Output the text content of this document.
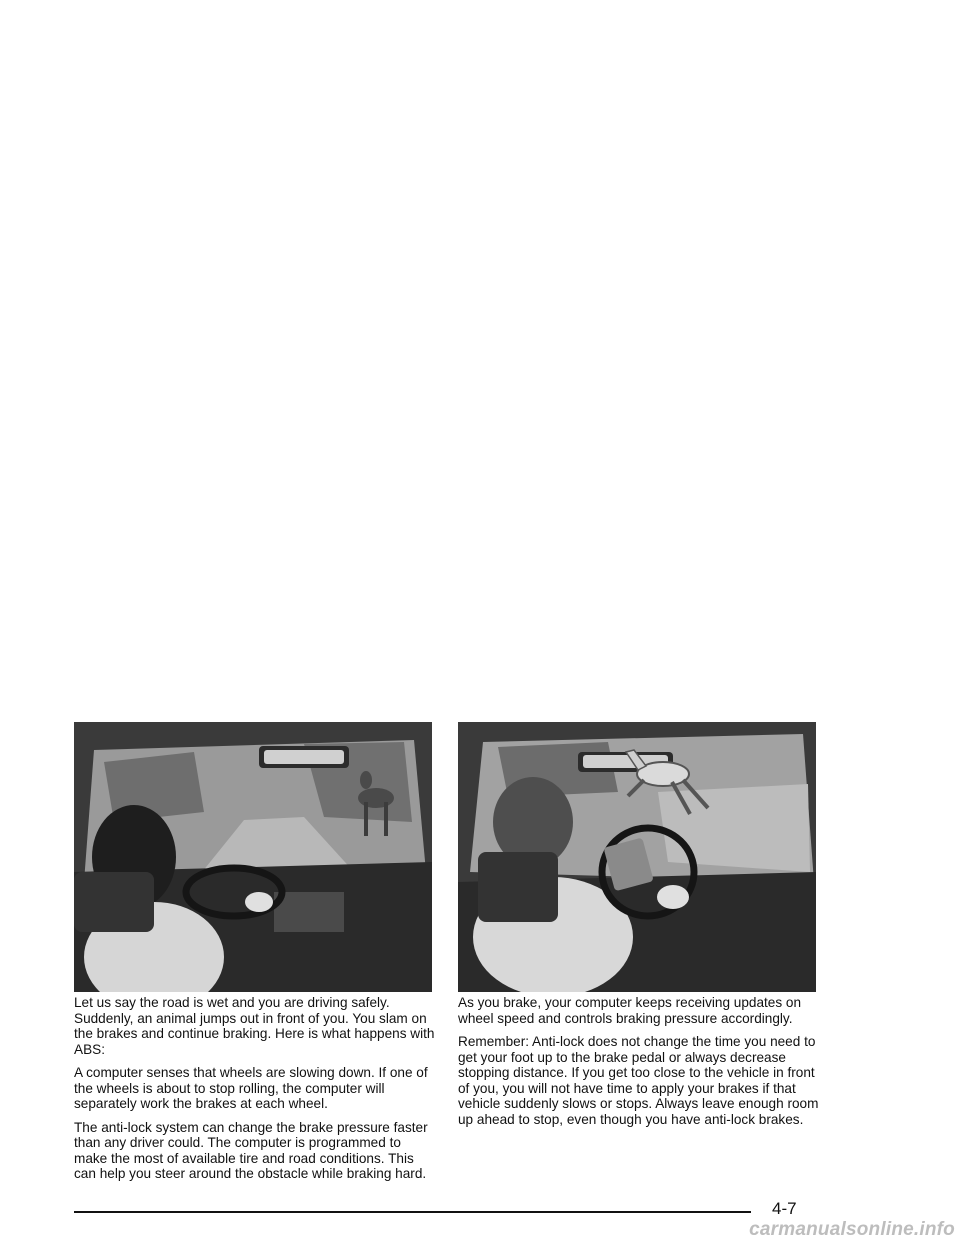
Let us say the road is wet and you are driving safely. Suddenly, an animal jumps out in front of you. You slam on the brakes and continue braking. Here is what happens with ABS:

A computer senses that wheels are slowing down. If one of the wheels is about to stop rolling, the computer will separately work the brakes at each wheel.

The anti-lock system can change the brake pressure faster than any driver could. The computer is programmed to make the most of available tire and road conditions. This can help you steer around the obstacle while braking hard.

As you brake, your computer keeps receiving updates on wheel speed and controls braking pressure accordingly.

Remember: Anti-lock does not change the time you need to get your foot up to the brake pedal or always decrease stopping distance. If you get too close to the vehicle in front of you, you will not have time to apply your brakes if that vehicle suddenly slows or stops. Always leave enough room up ahead to stop, even though you have anti-lock brakes.

4-7
carmanualsonline.info
